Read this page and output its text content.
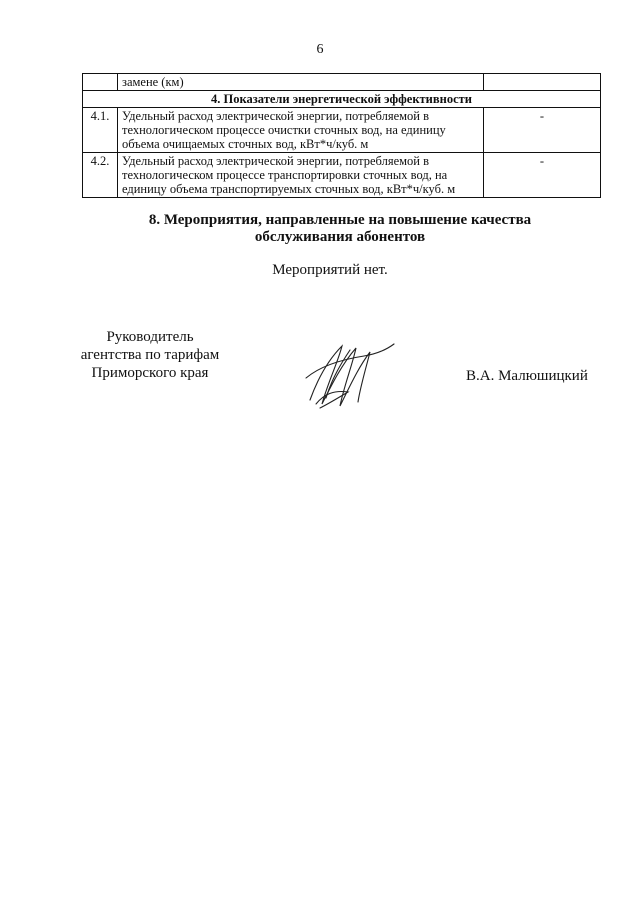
6
	замене (км)	
4. Показатели энергетической эффективности		
4.1.	Удельный расход электрической энергии, потребляемой в
технологическом процессе очистки сточных вод, на единицу
объема очищаемых сточных вод, кВт*ч/куб. м	-
4.2.	Удельный расход электрической энергии, потребляемой в
технологическом процессе транспортировки сточных вод, на
единицу объема транспортируемых сточных вод, кВт*ч/куб. м	-
8. Мероприятия, направленные на повышение качества
обслуживания абонентов
Мероприятий нет.
Руководитель
агентства по тарифам
Приморского края	В.А. Малюшицкий
